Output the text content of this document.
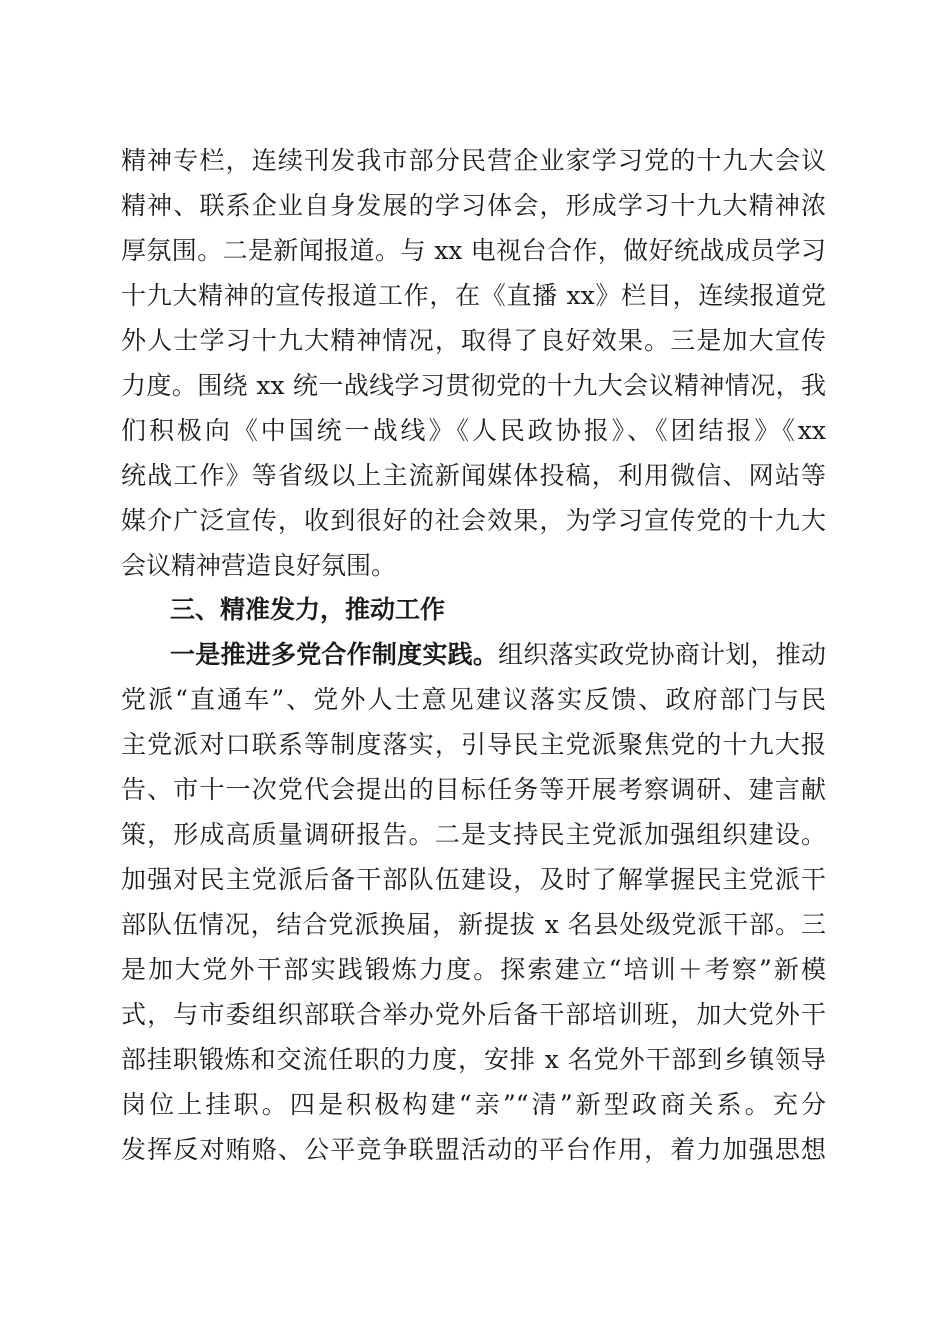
精神专栏，连续刊发我市部分民营企业家学习党的十九大会议
精神、联系企业自身发展的学习体会，形成学习十九大精神浓
厚氛围。二是新闻报道。与 xx 电视台合作，做好统战成员学习
十九大精神的宣传报道工作，在《直播 xx》栏目，连续报道党
外人士学习十九大精神情况，取得了良好效果。三是加大宣传
力度。围绕 xx 统一战线学习贯彻党的十九大会议精神情况，我
们积极向《中国统一战线》《人民政协报》、《团结报》《xx
统战工作》等省级以上主流新闻媒体投稿，利用微信、网站等
媒介广泛宣传，收到很好的社会效果，为学习宣传党的十九大
会议精神营造良好氛围。
三、精准发力，推动工作
一是推进多党合作制度实践。组织落实政党协商计划，推动
党派“直通车”、党外人士意见建议落实反馈、政府部门与民
主党派对口联系等制度落实，引导民主党派聚焦党的十九大报
告、市十一次党代会提出的目标任务等开展考察调研、建言献
策，形成高质量调研报告。二是支持民主党派加强组织建设。
加强对民主党派后备干部队伍建设，及时了解掌握民主党派干
部队伍情况，结合党派换届，新提拔 x 名县处级党派干部。三
是加大党外干部实践锻炼力度。探索建立“培训＋考察”新模
式，与市委组织部联合举办党外后备干部培训班，加大党外干
部挂职锻炼和交流任职的力度，安排 x 名党外干部到乡镇领导
岗位上挂职。四是积极构建“亲”“清”新型政商关系。充分
发挥反对贿赂、公平竞争联盟活动的平台作用，着力加强思想
